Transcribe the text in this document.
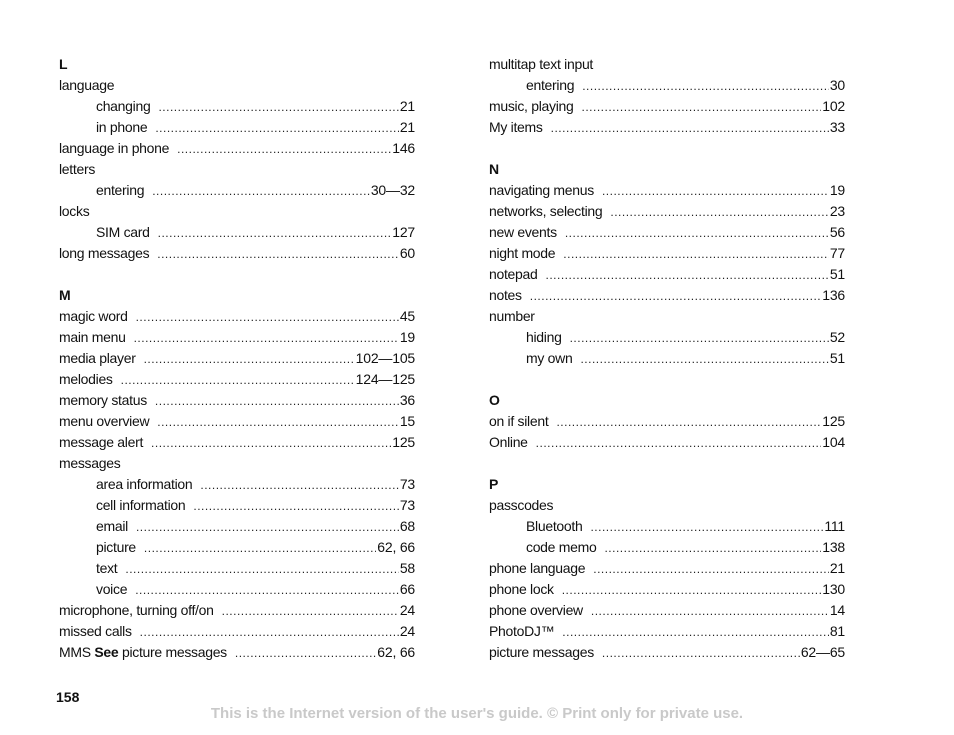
L
language
changing .....	21
in phone .....	21
language in phone .....	146
letters
entering .....	30—32
locks
SIM card .....	127
long messages .....	60
M
magic word .....	45
main menu .....	19
media player .....	102—105
melodies .....	124—125
memory status .....	36
menu overview .....	15
message alert .....	125
messages
area information .....	73
cell information .....	73
email .....	68
picture .....	62, 66
text .....	58
voice .....	66
microphone, turning off/on .....	24
missed calls .....	24
MMS See picture messages .....	62, 66
multitap text input
entering .....	30
music, playing .....	102
My items .....	33
N
navigating menus .....	19
networks, selecting .....	23
new events .....	56
night mode .....	77
notepad .....	51
notes .....	136
number
hiding .....	52
my own .....	51
O
on if silent .....	125
Online .....	104
P
passcodes
Bluetooth .....	111
code memo .....	138
phone language .....	21
phone lock .....	130
phone overview .....	14
PhotoDJ™ .....	81
picture messages .....	62—65
158
This is the Internet version of the user's guide. © Print only for private use.
